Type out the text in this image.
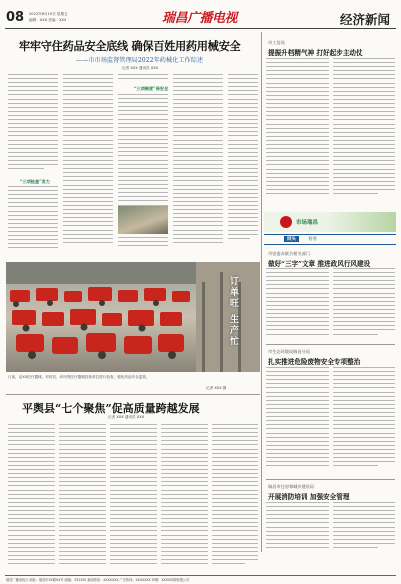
08 2022年8月19日 星期五
编辑：XXX 美编：XXX	瑞昌广播电视	经济新闻
牢牢守住药品安全底线 确保百姓用药用械安全
——市市场监督管理局2022年药械化工作综述
记者 XXX 通讯员 XXX
“三项检查”发力
“三项制度”保安全
市工信局
提振升档精气神 打好起步主动仗
市场瑞昌
回头	看看
市安委办联合相关部门
做好“三字”文章 推进政风行风建设
市生态环境局瑞昌分局
扎实推进危险废物安全专项整治
瑞昌市住房和城乡建设局
开展消防培训 加强安全管理
订单旺 生产忙
日前，由XX医疗器械，对药店、诊所等医疗器械经营单位进行检查，强化药品安全监管。
记者 XXX 摄
平舆县“七个聚焦”促高质量跨越发展
记者 XXX 通讯员 XXX
瑞昌广播电视台 地址：瑞昌市XX路XX号 邮编：332200 新闻热线：XXXXXXX 广告热线：XXXXXXX 印刷：XXXX印刷有限公司
